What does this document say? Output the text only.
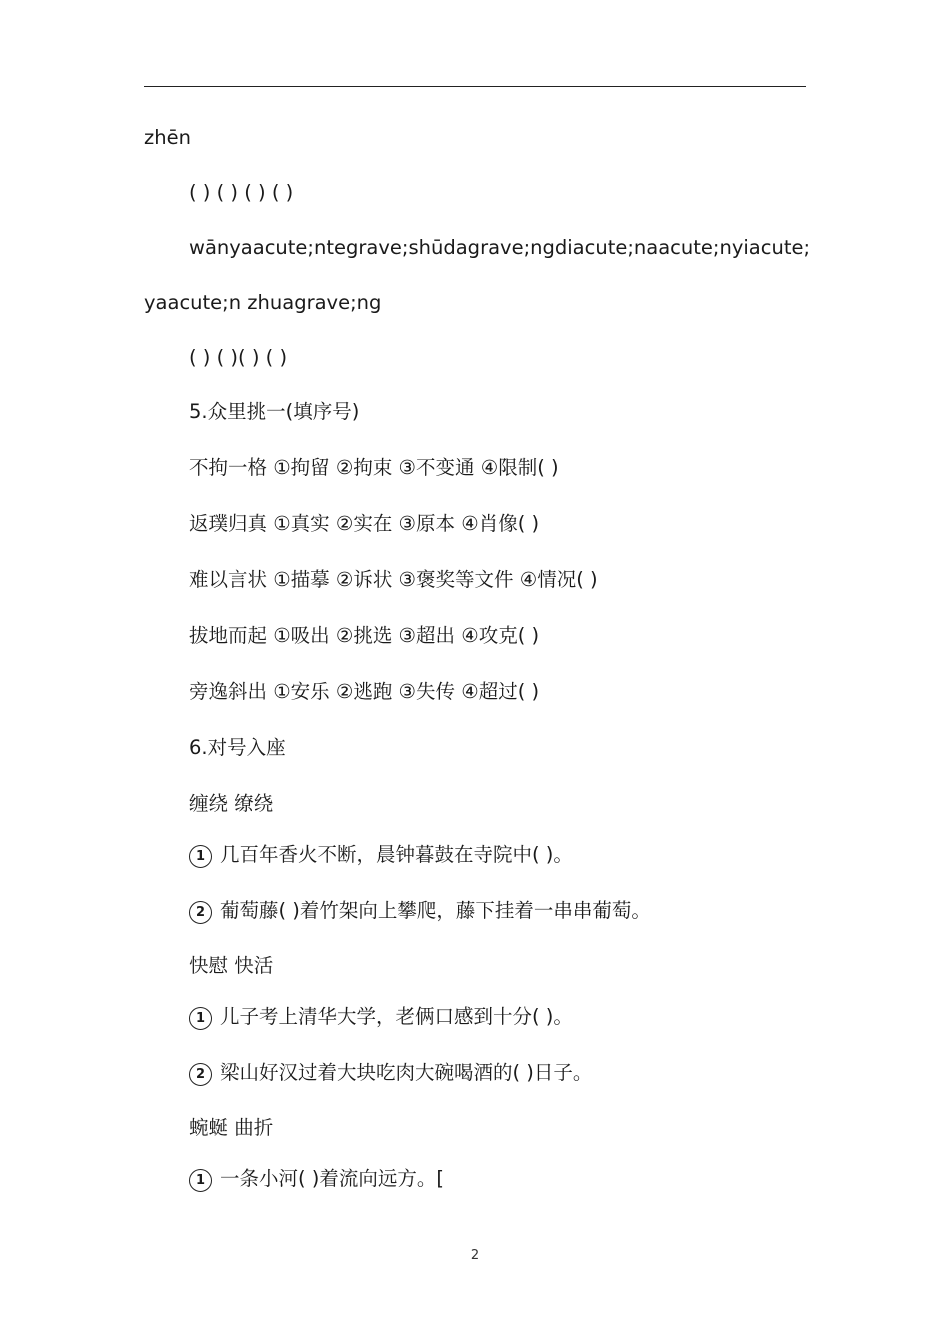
zhēn
( ) ( ) ( ) ( )
wān yaacute;n tegrave; shū dagrave;ng diacute; naacute;n yiacute;
yaacute;n zhuagrave;ng
( ) ( )( ) ( )
5.众里挑一(填序号)
不拘一格 ①拘留 ②拘束 ③不变通 ④限制( )
返璞归真 ①真实 ②实在 ③原本 ④肖像( )
难以言状 ①描摹 ②诉状 ③褒奖等文件 ④情况( )
拔地而起 ①吸出 ②挑选 ③超出 ④攻克( )
旁逸斜出 ①安乐 ②逃跑 ③失传 ④超过( )
6.对号入座
缠绕 缭绕
1 几百年香火不断，晨钟暮鼓在寺院中( )。
2 葡萄藤( )着竹架向上攀爬，藤下挂着一串串葡萄。
快慰 快活
1 儿子考上清华大学，老俩口感到十分( )。
2 梁山好汉过着大块吃肉大碗喝酒的( )日子。
蜿蜒 曲折
1 一条小河( )着流向远方。[
2
